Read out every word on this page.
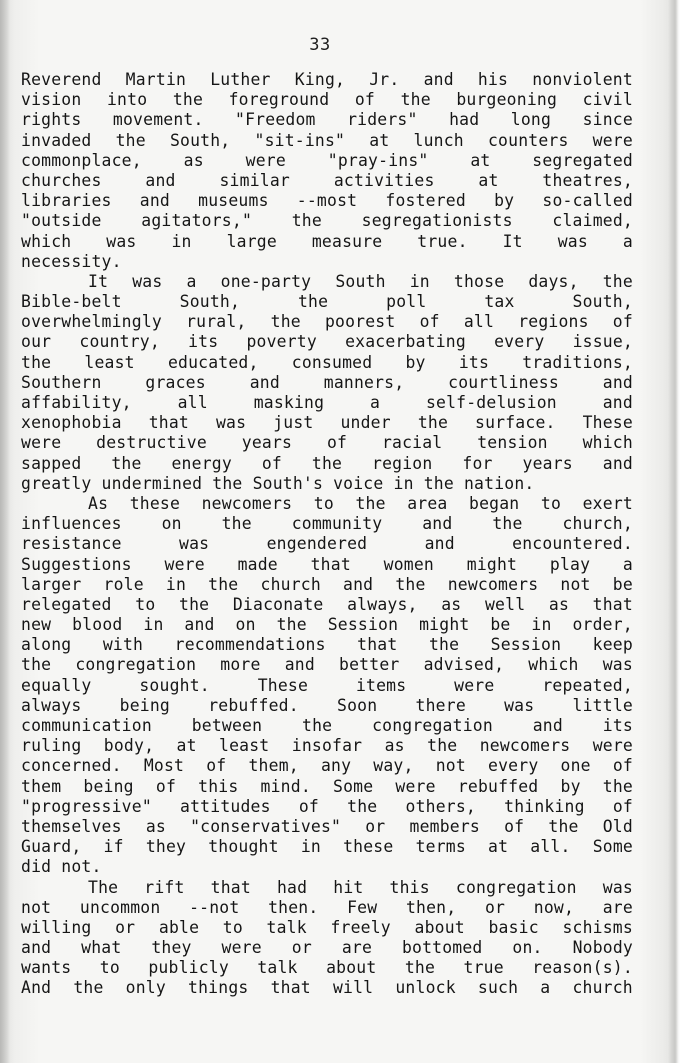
33
Reverend Martin Luther King, Jr. and his nonviolent
vision into the foreground of the burgeoning civil
rights movement. "Freedom riders" had long since
invaded the South, "sit-ins" at lunch counters were
commonplace,	as	were	"pray-ins"	at	segregated
churches	and	similar	activities	at	theatres,
libraries and museums --most fostered by so-called
"outside agitators," the segregationists claimed,
which was in large measure true. It was a
necessity.
It was a one-party South in those days, the
Bible-belt	South,	the	poll	tax	South,
overwhelmingly rural, the poorest of all regions of
our country, its poverty exacerbating every issue,
the least educated, consumed by its traditions,
Southern	graces	and	manners,	courtliness	and
affability,	all	masking	a	self-delusion	and
xenophobia that was just under the surface. These
were destructive years of racial tension which
sapped the energy of the region for years and
greatly undermined the South's voice in the nation.
As these newcomers to the area began to exert
influences on the community and the church,
resistance	was	engendered	and	encountered.
Suggestions were made that women might play a
larger role in the church and the newcomers not be
relegated to the Diaconate always, as well as that
new blood in and on the Session might be in order,
along with recommendations that the Session keep
the congregation more and better advised, which was
equally	sought.	These	items	were	repeated,
always being rebuffed. Soon there was little
communication between the congregation and its
ruling body, at least insofar as the newcomers were
concerned. Most of them, any way, not every one of
them being of this mind. Some were rebuffed by the
"progressive" attitudes of the others, thinking of
themselves as "conservatives" or members of the Old
Guard, if they thought in these terms at all. Some
did not.
The rift that had hit this congregation was
not uncommon --not then. Few then, or now, are
willing or able to talk freely about basic schisms
and what they were or are bottomed on. Nobody
wants to publicly talk about the true reason(s).
And the only things that will unlock such a church
